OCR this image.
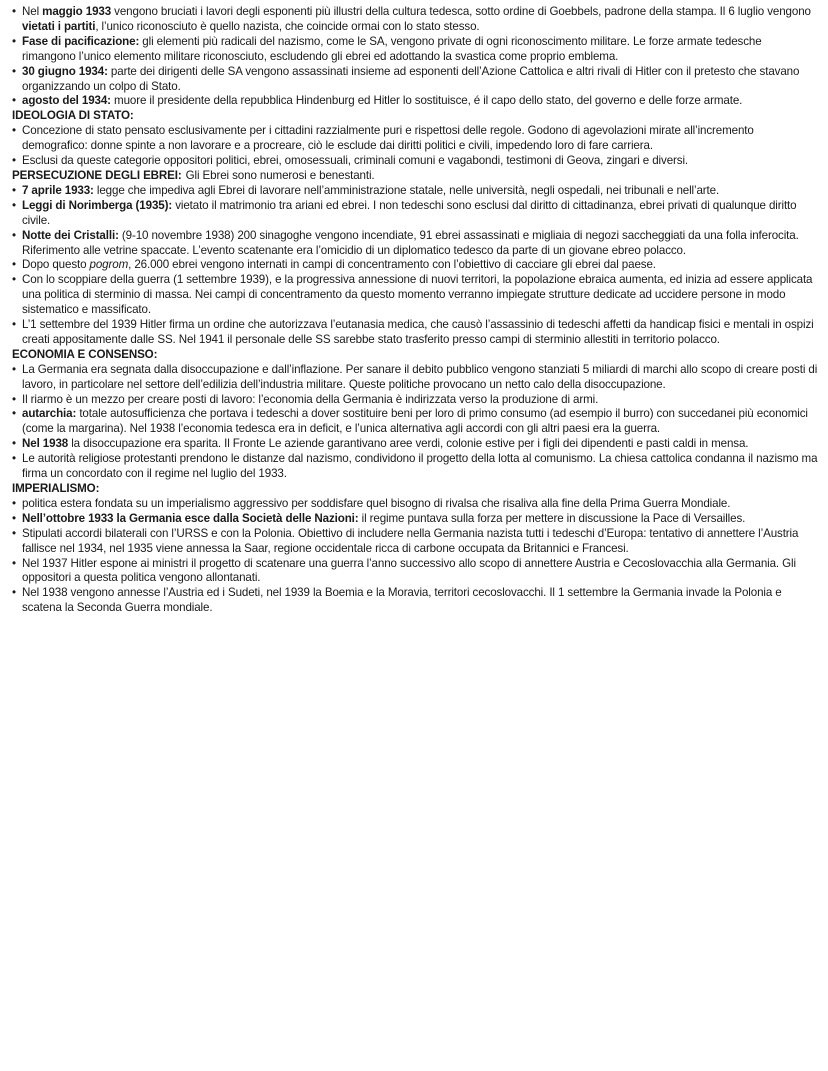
• Nel maggio 1933 vengono bruciati i lavori degli esponenti più illustri della cultura tedesca, sotto ordine di Goebbels, padrone della stampa. Il 6 luglio vengono vietati i partiti, l’unico riconosciuto è quello nazista, che coincide ormai con lo stato stesso.
• Fase di pacificazione: gli elementi più radicali del nazismo, come le SA, vengono private di ogni riconoscimento militare. Le forze armate tedesche rimangono l’unico elemento militare riconosciuto, escludendo gli ebrei ed adottando la svastica come proprio emblema.
• 30 giugno 1934: parte dei dirigenti delle SA vengono assassinati insieme ad esponenti dell’Azione Cattolica e altri rivali di Hitler con il pretesto che stavano organizzando un colpo di Stato.
• agosto del 1934: muore il presidente della repubblica Hindenburg ed Hitler lo sostituisce, é il capo dello stato, del governo e delle forze armate.
IDEOLOGIA DI STATO:
• Concezione di stato pensato esclusivamente per i cittadini razzialmente puri e rispettosi delle regole. Godono di agevolazioni mirate all’incremento demografico: donne spinte a non lavorare e a procreare, ciò le esclude dai diritti politici e civili, impedendo loro di fare carriera.
• Esclusi da queste categorie oppositori politici, ebrei, omosessuali, criminali comuni e vagabondi, testimoni di Geova, zingari e diversi.
PERSECUZIONE DEGLI EBREI: Gli Ebrei sono numerosi e benestanti.
• 7 aprile 1933: legge che impediva agli Ebrei di lavorare nell’amministrazione statale, nelle università, negli ospedali, nei tribunali e nell’arte.
• Leggi di Norimberga (1935): vietato il matrimonio tra ariani ed ebrei. I non tedeschi sono esclusi dal diritto di cittadinanza, ebrei privati di qualunque diritto civile.
• Notte dei Cristalli: (9-10 novembre 1938) 200 sinagoghe vengono incendiate, 91 ebrei assassinati e migliaia di negozi saccheggiati da una folla inferocita. Riferimento alle vetrine spaccate. L’evento scatenante era l’omicidio di un diplomatico tedesco da parte di un giovane ebreo polacco.
• Dopo questo pogrom, 26.000 ebrei vengono internati in campi di concentramento con l’obiettivo di cacciare gli ebrei dal paese.
• Con lo scoppiare della guerra (1 settembre 1939), e la progressiva annessione di nuovi territori, la popolazione ebraica aumenta, ed inizia ad essere applicata una politica di sterminio di massa. Nei campi di concentramento da questo momento verranno impiegate strutture dedicate ad uccidere persone in modo sistematico e massificato.
• L’1 settembre del 1939 Hitler firma un ordine che autorizzava l’eutanasia medica, che causò l’assassinio di tedeschi affetti da handicap fisici e mentali in ospizi creati appositamente dalle SS. Nel 1941 il personale delle SS sarebbe stato trasferito presso campi di sterminio allestiti in territorio polacco.
ECONOMIA E CONSENSO:
• La Germania era segnata dalla disoccupazione e dall’inflazione. Per sanare il debito pubblico vengono stanziati 5 miliardi di marchi allo scopo di creare posti di lavoro, in particolare nel settore dell’edilizia dell’industria militare. Queste politiche provocano un netto calo della disoccupazione.
• Il riarmo è un mezzo per creare posti di lavoro: l’economia della Germania è indirizzata verso la produzione di armi.
• autarchia: totale autosufficienza che portava i tedeschi a dover sostituire beni per loro di primo consumo (ad esempio il burro) con succedanei più economici (come la margarina). Nel 1938 l’economia tedesca era in deficit, e l’unica alternativa agli accordi con gli altri paesi era la guerra.
• Nel 1938 la disoccupazione era sparita. Il Fronte Le aziende garantivano aree verdi, colonie estive per i figli dei dipendenti e pasti caldi in mensa.
• Le autorità religiose protestanti prendono le distanze dal nazismo, condividono il progetto della lotta al comunismo. La chiesa cattolica condanna il nazismo ma firma un concordato con il regime nel luglio del 1933.
IMPERIALISMO:
• politica estera fondata su un imperialismo aggressivo per soddisfare quel bisogno di rivalsa che risaliva alla fine della Prima Guerra Mondiale.
• Nell’ottobre 1933 la Germania esce dalla Società delle Nazioni: il regime puntava sulla forza per mettere in discussione la Pace di Versailles.
• Stipulati accordi bilaterali con l’URSS e con la Polonia. Obiettivo di includere nella Germania nazista tutti i tedeschi d’Europa: tentativo di annettere l’Austria fallisce nel 1934, nel 1935 viene annessa la Saar, regione occidentale ricca di carbone occupata da Britannici e Francesi.
• Nel 1937 Hitler espone ai ministri il progetto di scatenare una guerra l’anno successivo allo scopo di annettere Austria e Cecoslovacchia alla Germania. Gli oppositori a questa politica vengono allontanati.
• Nel 1938 vengono annesse l’Austria ed i Sudeti, nel 1939 la Boemia e la Moravia, territori cecoslovacchi. Il 1 settembre la Germania invade la Polonia e scatena la Seconda Guerra mondiale.
